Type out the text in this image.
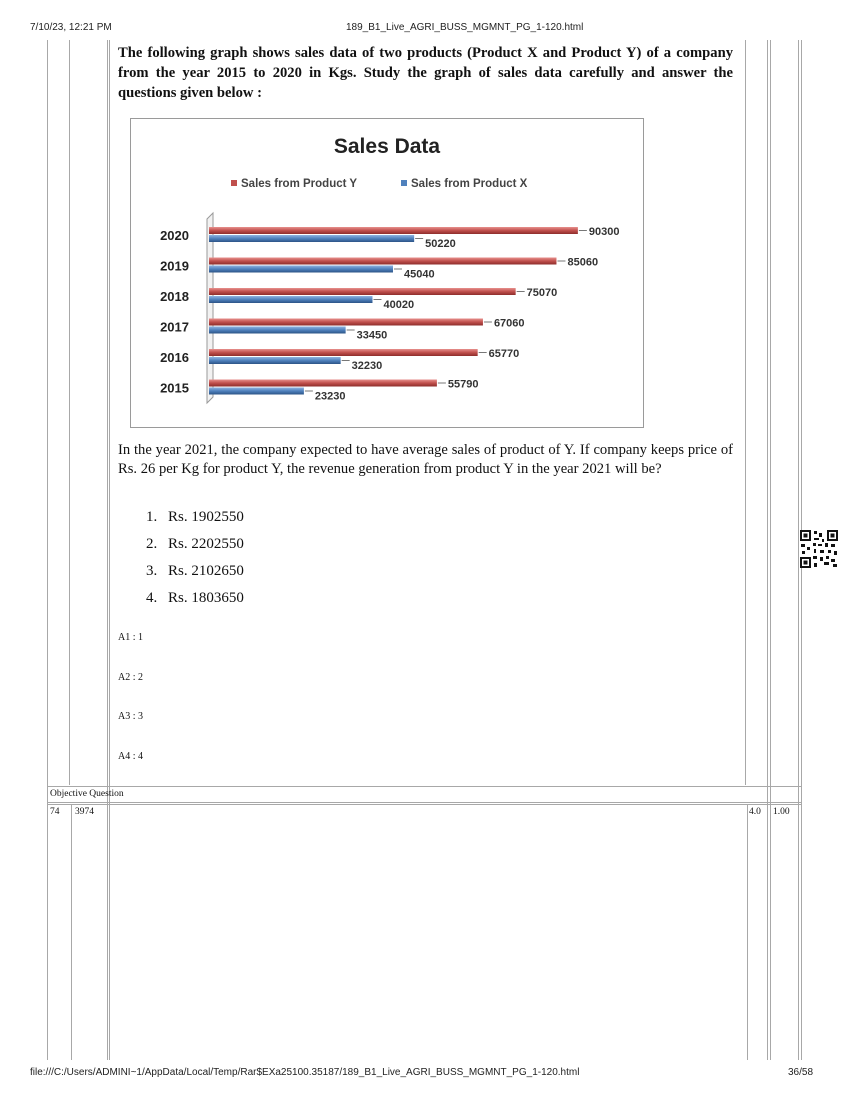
7/10/23, 12:21 PM	189_B1_Live_AGRI_BUSS_MGMNT_PG_1-120.html

The following graph shows sales data of two products (Product X and Product Y) of a company from the year 2015 to 2020 in Kgs. Study the graph of sales data carefully and answer the questions given below :

Sales Data
Sales from Product Y	Sales from Product X
2020	90300
50220
2019	85060
45040
2018	75070
40020
2017	67060
33450
2016	65770
32230
2015	55790
23230

In the year 2021, the company expected to have average sales of product of Y. If company keeps price of Rs. 26 per Kg for product Y, the revenue generation from product Y in the year 2021 will be?

1. Rs. 1902550
2. Rs. 2202550
3. Rs. 2102650
4. Rs. 1803650
A1 : 1
A2 : 2
A3 : 3
A4 : 4
Objective Question
74 3974	4.0 1.00
file:///C:/Users/ADMINI~1/AppData/Local/Temp/Rar$EXa25100.35187/189_B1_Live_AGRI_BUSS_MGMNT_PG_1-120.html	36/58
